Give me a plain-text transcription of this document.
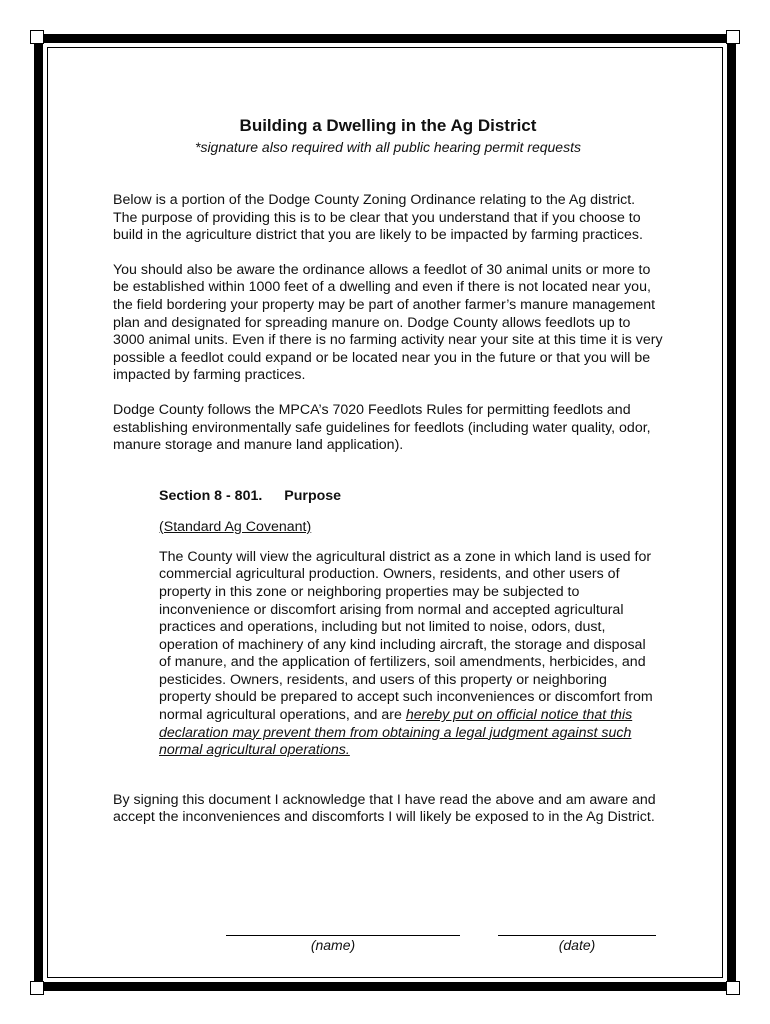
Building a Dwelling in the Ag District
*signature also required with all public hearing permit requests

Below is a portion of the Dodge County Zoning Ordinance relating to the Ag district. The purpose of providing this is to be clear that you understand that if you choose to build in the agriculture district that you are likely to be impacted by farming practices.

You should also be aware the ordinance allows a feedlot of 30 animal units or more to be established within 1000 feet of a dwelling and even if there is not located near you, the field bordering your property may be part of another farmer’s manure management plan and designated for spreading manure on. Dodge County allows feedlots up to 3000 animal units. Even if there is no farming activity near your site at this time it is very possible a feedlot could expand or be located near you in the future or that you will be impacted by farming practices.

Dodge County follows the MPCA’s 7020 Feedlots Rules for permitting feedlots and establishing environmentally safe guidelines for feedlots (including water quality, odor, manure storage and manure land application).

Section 8 - 801. Purpose
(Standard Ag Covenant)
The County will view the agricultural district as a zone in which land is used for commercial agricultural production. Owners, residents, and other users of property in this zone or neighboring properties may be subjected to inconvenience or discomfort arising from normal and accepted agricultural practices and operations, including but not limited to noise, odors, dust, operation of machinery of any kind including aircraft, the storage and disposal of manure, and the application of fertilizers, soil amendments, herbicides, and pesticides. Owners, residents, and users of this property or neighboring property should be prepared to accept such inconveniences or discomfort from normal agricultural operations, and are hereby put on official notice that this declaration may prevent them from obtaining a legal judgment against such normal agricultural operations.

By signing this document I acknowledge that I have read the above and am aware and accept the inconveniences and discomforts I will likely be exposed to in the Ag District.

(name)	(date)
